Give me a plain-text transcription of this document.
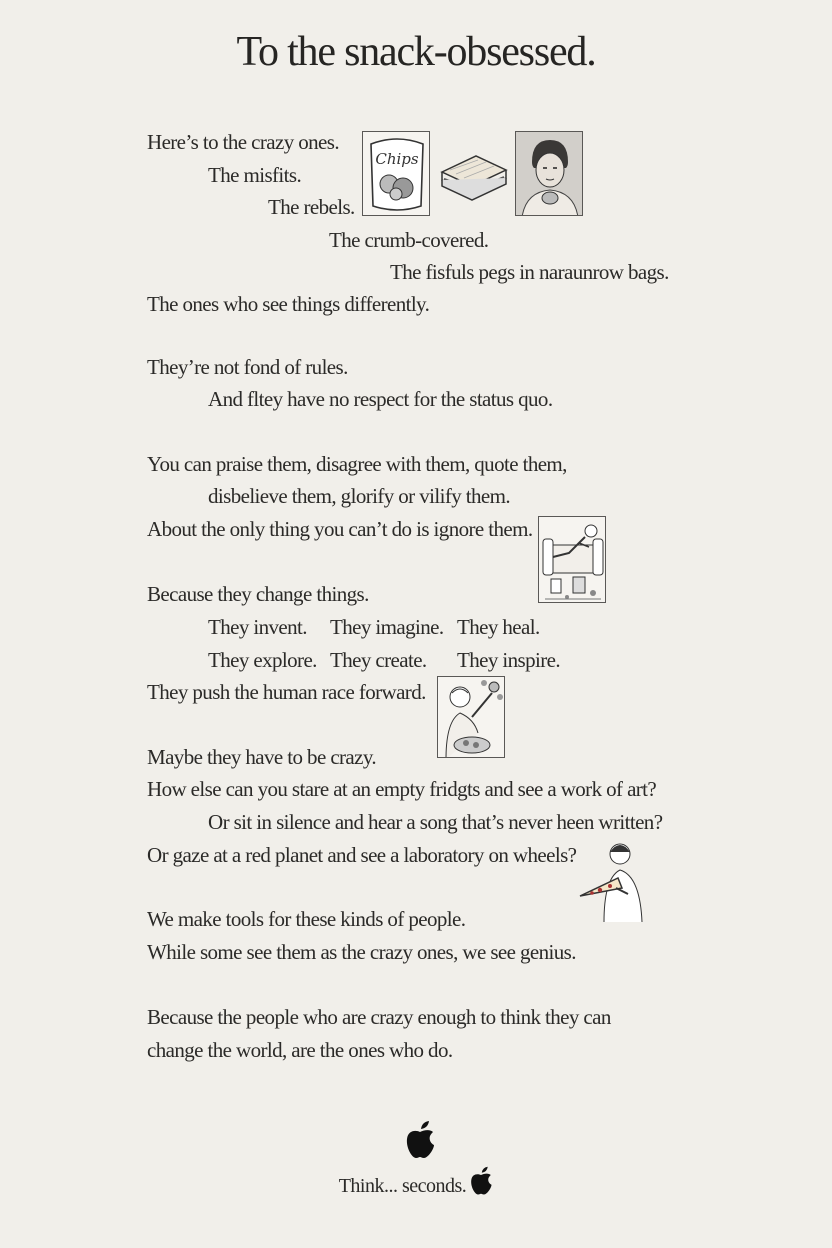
To the snack-obsessed.
Here’s to the crazy ones.
The misfits.
The rebels.
The crumb-covered.
The fisfuls pegs in naraunrow bags.
The ones who see things differently.
Chips
They’re not fond of rules.
And fltey have no respect for the status quo.
You can praise them, disagree with them, quote them,
disbelieve them, glorify or vilify them.
About the only thing you can’t do is ignore them.
Because they change things.
They invent. They imagine. They heal.
They explore. They create. They inspire.
They push the human race forward.
Maybe they have to be crazy.
How else can you stare at an empty fridgts and see a work of art?
Or sit in silence and hear a song that’s never heen written?
Or gaze at a red planet and see a laboratory on wheels?
We make tools for these kinds of people.
While some see them as the crazy ones, we see genius.
Because the people who are crazy enough to think they can
change the world, are the ones who do.
Think... seconds.
